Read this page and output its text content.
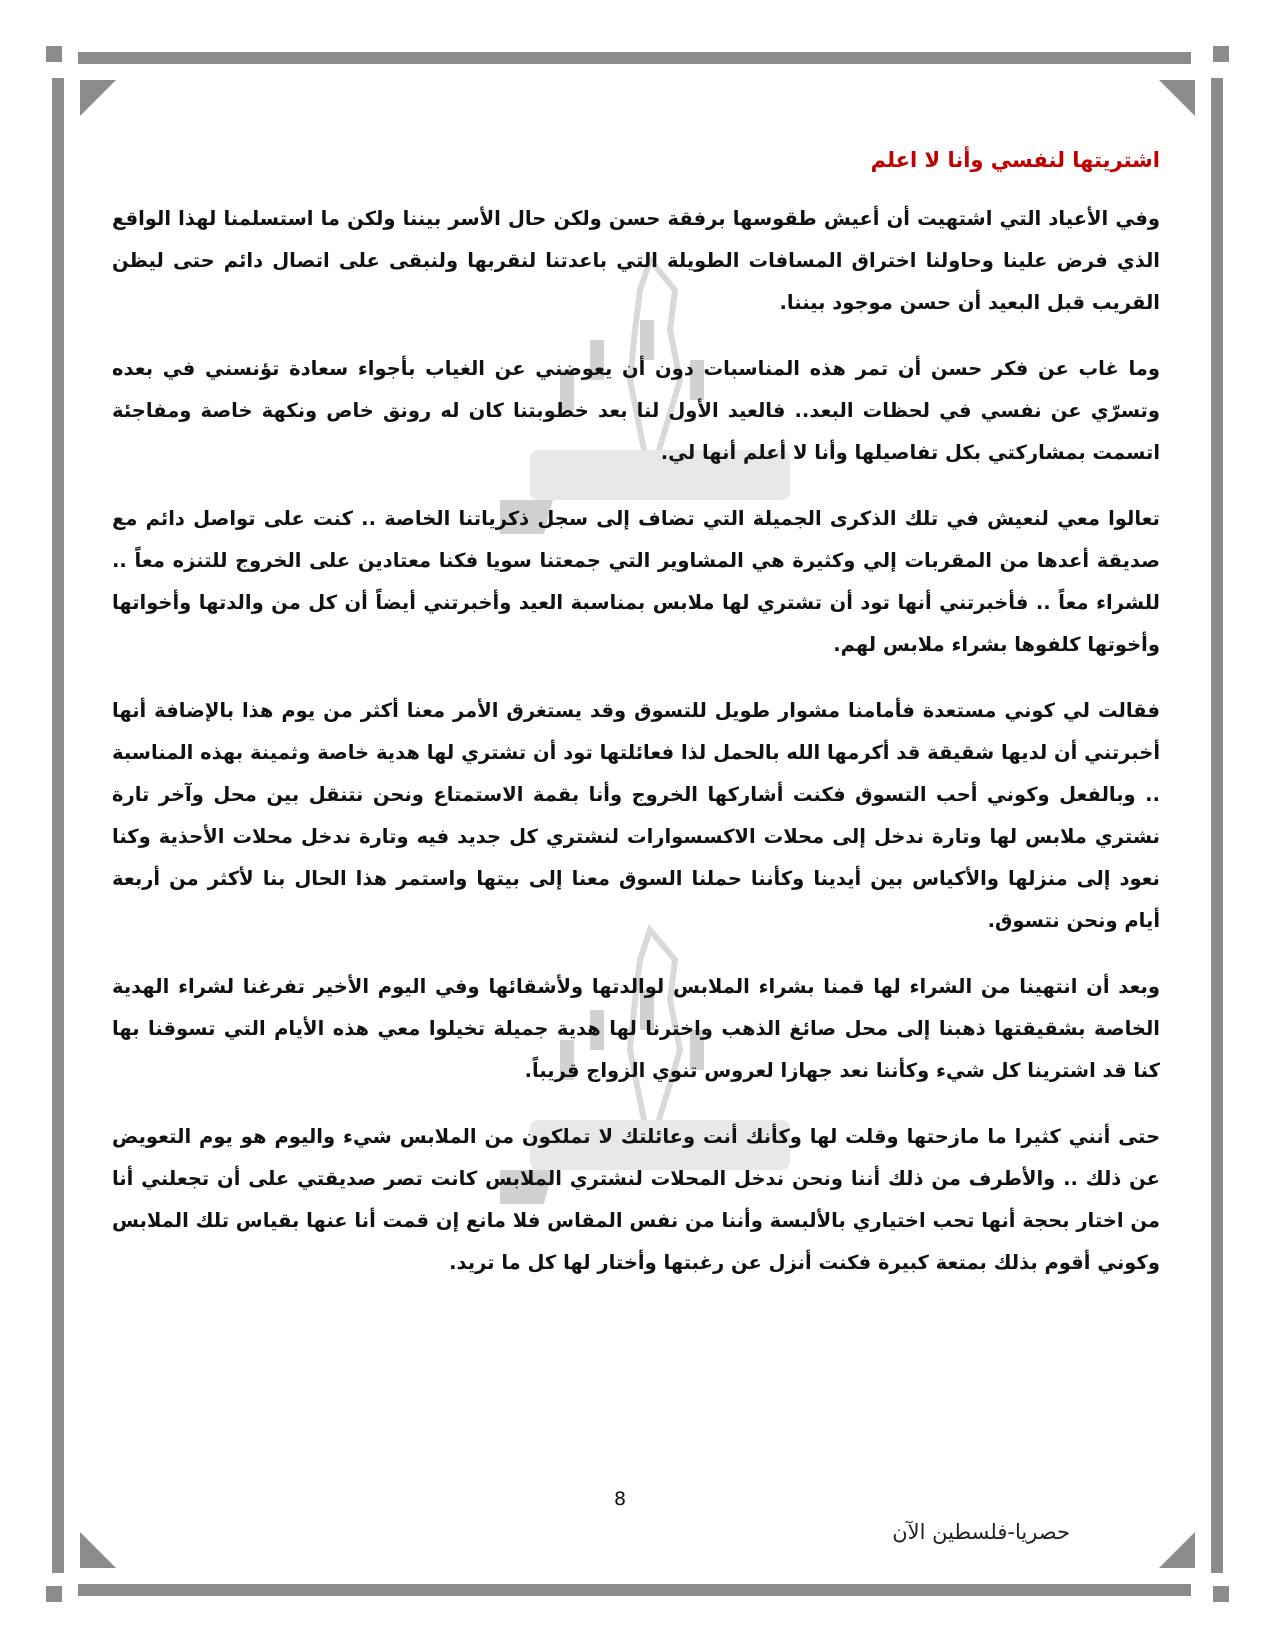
اشتريتها لنفسي وأنا لا اعلم

وفي الأعياد التي اشتهيت أن أعيش طقوسها برفقة حسن ولكن حال الأسر بيننا ولكن ما استسلمنا لهذا الواقع الذي فرض علينا وحاولنا اختراق المسافات الطويلة التي باعدتنا لنقربها ولنبقى على اتصال دائم حتى ليظن القريب قبل البعيد أن حسن موجود بيننا.

وما غاب عن فكر حسن أن تمر هذه المناسبات دون أن يعوضني عن الغياب بأجواء سعادة تؤنسني في بعده وتسرّي عن نفسي في لحظات البعد.. فالعيد الأول لنا بعد خطوبتنا كان له رونق خاص ونكهة خاصة ومفاجئة اتسمت بمشاركتي بكل تفاصيلها وأنا لا أعلم أنها لي.

تعالوا معي لنعيش في تلك الذكرى الجميلة التي تضاف إلى سجل ذكرياتنا الخاصة .. كنت على تواصل دائم مع صديقة أعدها من المقربات إلي وكثيرة هي المشاوير التي جمعتنا سويا فكنا معتادين على الخروج للتنزه معاً .. للشراء معاً .. فأخبرتني أنها تود أن تشتري لها ملابس بمناسبة العيد وأخبرتني أيضاً أن كل من والدتها وأخواتها وأخوتها كلفوها بشراء ملابس لهم.

فقالت لي كوني مستعدة فأمامنا مشوار طويل للتسوق وقد يستغرق الأمر معنا أكثر من يوم هذا بالإضافة أنها أخبرتني أن لديها شقيقة قد أكرمها الله بالحمل لذا فعائلتها تود أن تشتري لها هدية خاصة وثمينة بهذه المناسبة .. وبالفعل وكوني أحب التسوق فكنت أشاركها الخروج وأنا بقمة الاستمتاع ونحن نتنقل بين محل وآخر تارة نشتري ملابس لها وتارة ندخل إلى محلات الاكسسوارات لنشتري كل جديد فيه وتارة ندخل محلات الأحذية وكنا نعود إلى منزلها والأكياس بين أيدينا وكأننا حملنا السوق معنا إلى بيتها واستمر هذا الحال بنا لأكثر من أربعة أيام ونحن نتسوق.

وبعد أن انتهينا من الشراء لها قمنا بشراء الملابس لوالدتها ولأشقائها وفي اليوم الأخير تفرغنا لشراء الهدية الخاصة بشقيقتها ذهبنا إلى محل صائغ الذهب واخترنا لها هدية جميلة تخيلوا معي هذه الأيام التي تسوقنا بها كنا قد اشترينا كل شيء وكأننا نعد جهازا لعروس تنوي الزواج قريباً.

حتى أنني كثيرا ما مازحتها وقلت لها وكأنك أنت وعائلتك لا تملكون من الملابس شيء واليوم هو يوم التعويض عن ذلك .. والأطرف من ذلك أننا ونحن ندخل المحلات لنشتري الملابس كانت تصر صديقتي على أن تجعلني أنا من اختار بحجة أنها تحب اختياري بالألبسة وأننا من نفس المقاس فلا مانع إن قمت أنا عنها بقياس تلك الملابس وكوني أقوم بذلك بمتعة كبيرة فكنت أنزل عن رغبتها وأختار لها كل ما تريد.

8
حصريا-فلسطين الآن
